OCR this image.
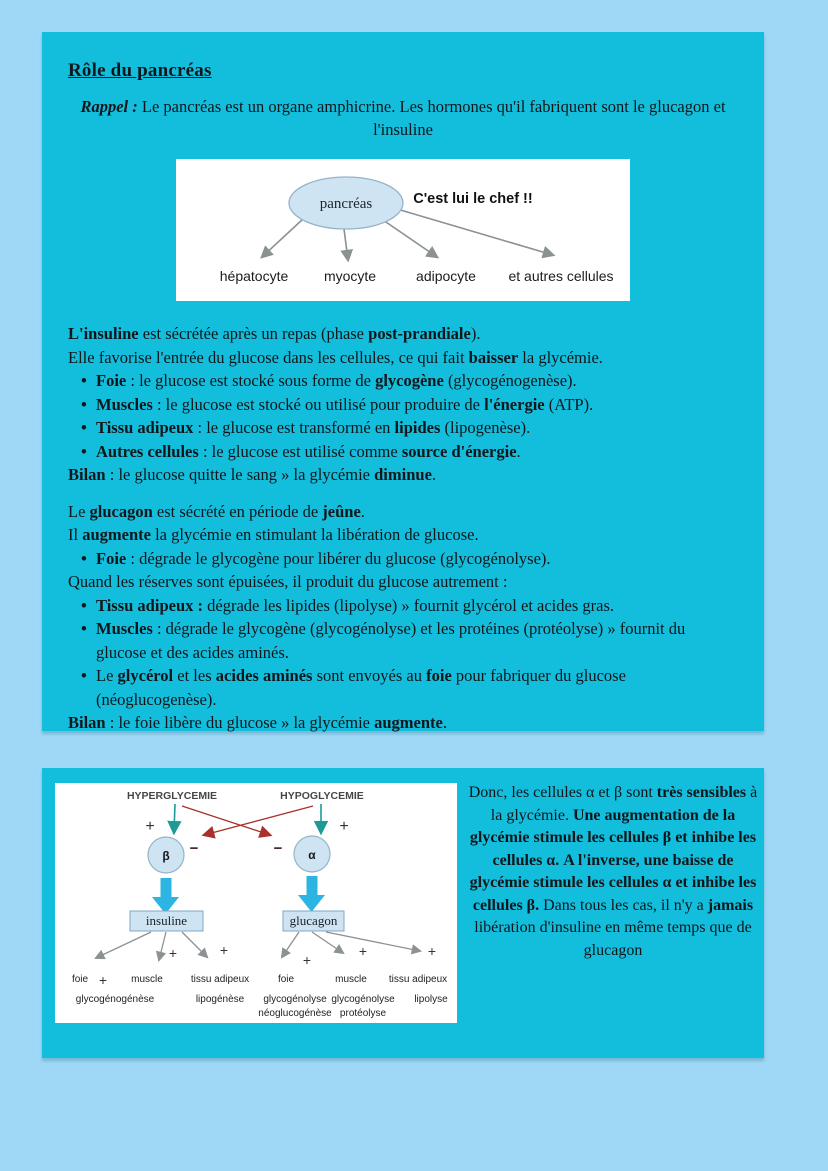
Rôle du pancréas
Rappel : Le pancréas est un organe amphicrine. Les hormones qu'il fabriquent sont le glucagon et l'insuline
pancréas	C'est lui le chef !!
hépatocyte	myocyte	adipocyte et autres cellules
L'insuline est sécrétée après un repas (phase post-prandiale).
Elle favorise l'entrée du glucose dans les cellules, ce qui fait baisser la glycémie.
• Foie : le glucose est stocké sous forme de glycogène (glycogénogenèse).
• Muscles : le glucose est stocké ou utilisé pour produire de l'énergie (ATP).
• Tissu adipeux : le glucose est transformé en lipides (lipogenèse).
• Autres cellules : le glucose est utilisé comme source d'énergie.
Bilan : le glucose quitte le sang » la glycémie diminue.
Le glucagon est sécrété en période de jeûne.
Il augmente la glycémie en stimulant la libération de glucose.
• Foie : dégrade le glycogène pour libérer du glucose (glycogénolyse).
Quand les réserves sont épuisées, il produit du glucose autrement :
• Tissu adipeux : dégrade les lipides (lipolyse) » fournit glycérol et acides gras.
• Muscles : dégrade le glycogène (glycogénolyse) et les protéines (protéolyse) » fournit du glucose et des acides aminés.
• Le glycérol et les acides aminés sont envoyés au foie pour fabriquer du glucose (néoglucogenèse).
Bilan : le foie libère du glucose » la glycémie augmente.
HYPERGLYCEMIE	HYPOGLYCEMIE
+	+
−	−
β	α
insuline	glucagon
+
+	+
+
+	+
foie	muscle	tissu adipeux	foie	muscle tissu adipeux
glycogénogénèse	lipogénèse glycogénolyse glycogénolyse lipolyse
néoglucogénèse protéolyse
Donc, les cellules α et β sont très sensibles à la glycémie. Une augmentation de la glycémie stimule les cellules β et inhibe les cellules α. A l'inverse, une baisse de glycémie stimule les cellules α et inhibe les cellules β. Dans tous les cas, il n'y a jamais libération d'insuline en même temps que de glucagon
